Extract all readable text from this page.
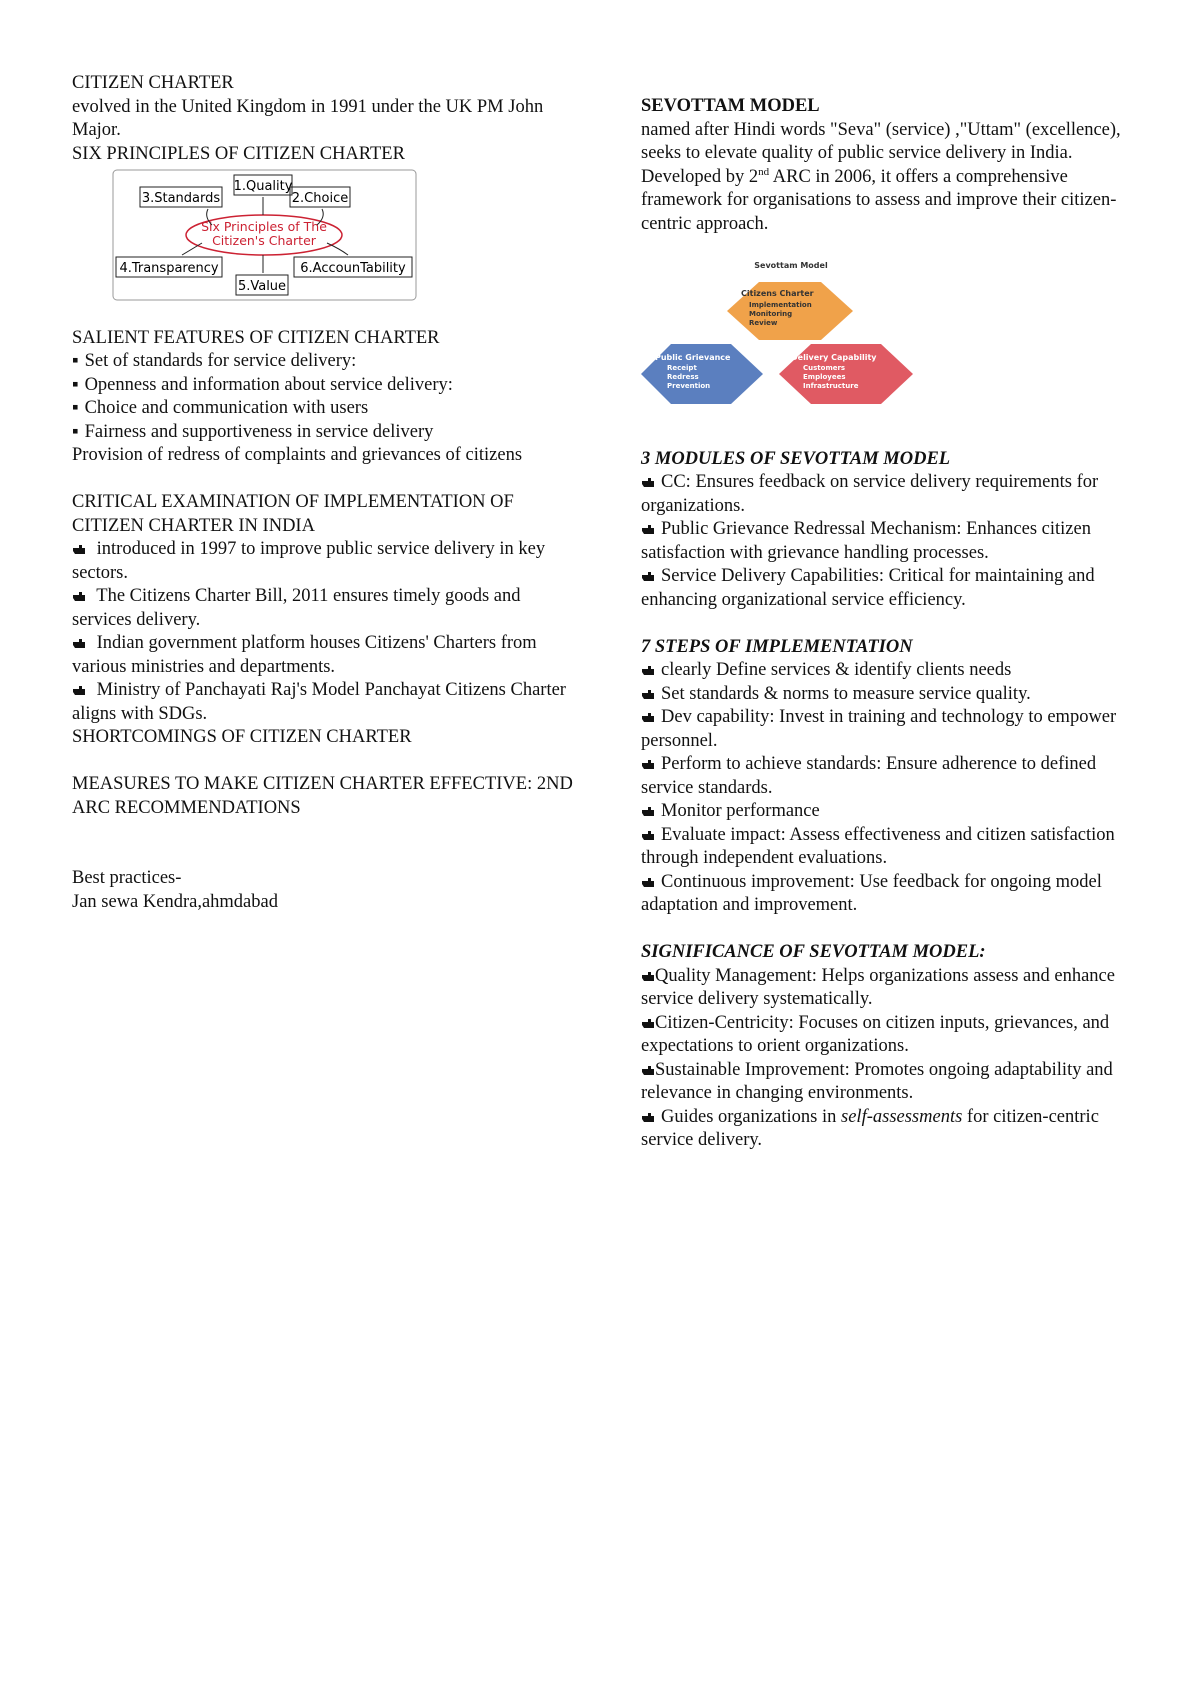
CITIZEN CHARTER
evolved in the United Kingdom in 1991 under the UK PM John Major.
SIX PRINCIPLES OF CITIZEN CHARTER
Six Principles of The
Citizen's Charter
1.Quality
3.Standards	2.Choice
4.Transparency
5.Value
6.AccounTability
SALIENT FEATURES OF CITIZEN CHARTER
▪ Set of standards for service delivery:
▪ Openness and information about service delivery:
▪ Choice and communication with users
▪ Fairness and supportiveness in service delivery
Provision of redress of complaints and grievances of citizens
CRITICAL EXAMINATION OF IMPLEMENTATION OF CITIZEN CHARTER IN INDIA
introduced in 1997 to improve public service delivery in key sectors.
The Citizens Charter Bill, 2011 ensures timely goods and services delivery.
Indian government platform houses Citizens' Charters from various ministries and departments.
Ministry of Panchayati Raj's Model Panchayat Citizens Charter aligns with SDGs.
SHORTCOMINGS OF CITIZEN CHARTER
MEASURES TO MAKE CITIZEN CHARTER EFFECTIVE: 2ND ARC RECOMMENDATIONS
Best practices-
Jan sewa Kendra,ahmdabad
SEVOTTAM MODEL
named after Hindi words "Seva" (service) ,"Uttam" (excellence), seeks to elevate quality of public service delivery in India. Developed by 2nd ARC in 2006, it offers a comprehensive framework for organisations to assess and improve their citizen-centric approach.
Sevottam Model
Citizens Charter
Implementation
Monitoring
Review
Public Grievance
Receipt
Redress
Prevention
Delivery Capability
Customers
Employees
Infrastructure
3 MODULES OF SEVOTTAM MODEL
CC: Ensures feedback on service delivery requirements for organizations.
Public Grievance Redressal Mechanism: Enhances citizen satisfaction with grievance handling processes.
Service Delivery Capabilities: Critical for maintaining and enhancing organizational service efficiency.
7 STEPS OF IMPLEMENTATION
clearly Define services & identify clients needs
Set standards & norms to measure service quality.
Dev capability: Invest in training and technology to empower personnel.
Perform to achieve standards: Ensure adherence to defined service standards.
Monitor performance
Evaluate impact: Assess effectiveness and citizen satisfaction through independent evaluations.
Continuous improvement: Use feedback for ongoing model adaptation and improvement.
SIGNIFICANCE OF SEVOTTAM MODEL:
Quality Management: Helps organizations assess and enhance service delivery systematically.
Citizen-Centricity: Focuses on citizen inputs, grievances, and expectations to orient organizations.
Sustainable Improvement: Promotes ongoing adaptability and relevance in changing environments.
Guides organizations in self-assessments for citizen-centric service delivery.
